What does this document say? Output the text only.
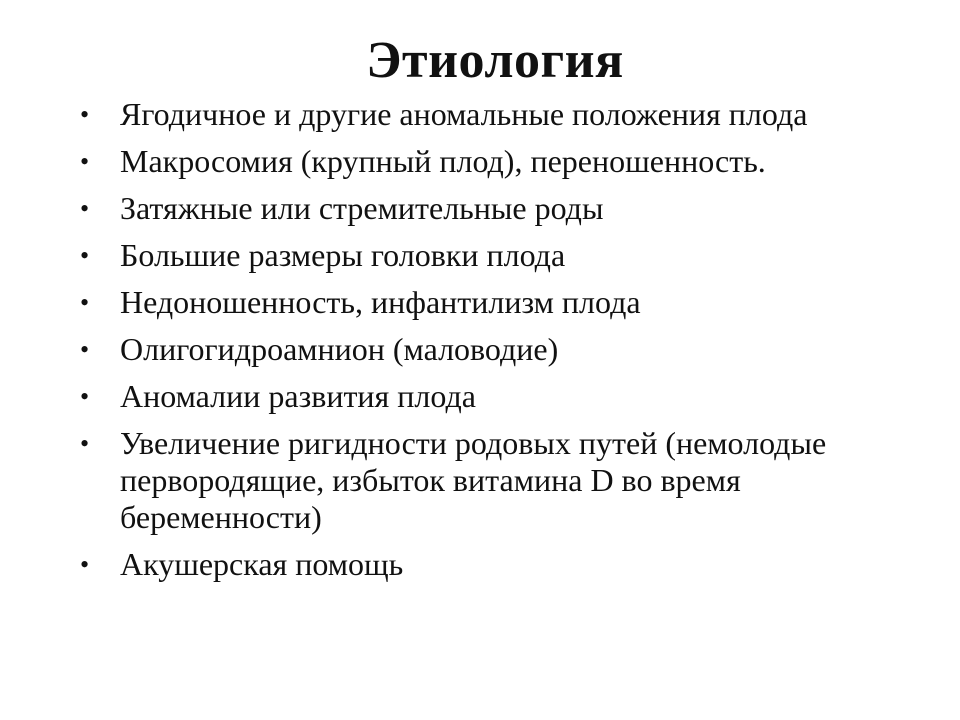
Этиология
• Ягодичное и другие аномальные положения плода
• Макросомия (крупный плод), переношенность.
• Затяжные или стремительные роды
• Большие размеры головки плода
• Недоношенность, инфантилизм плода
• Олигогидроамнион (маловодие)
• Аномалии развития плода
• Увеличение ригидности родовых путей (немолодые первородящие, избыток витамина D во время беременности)
• Акушерская помощь
